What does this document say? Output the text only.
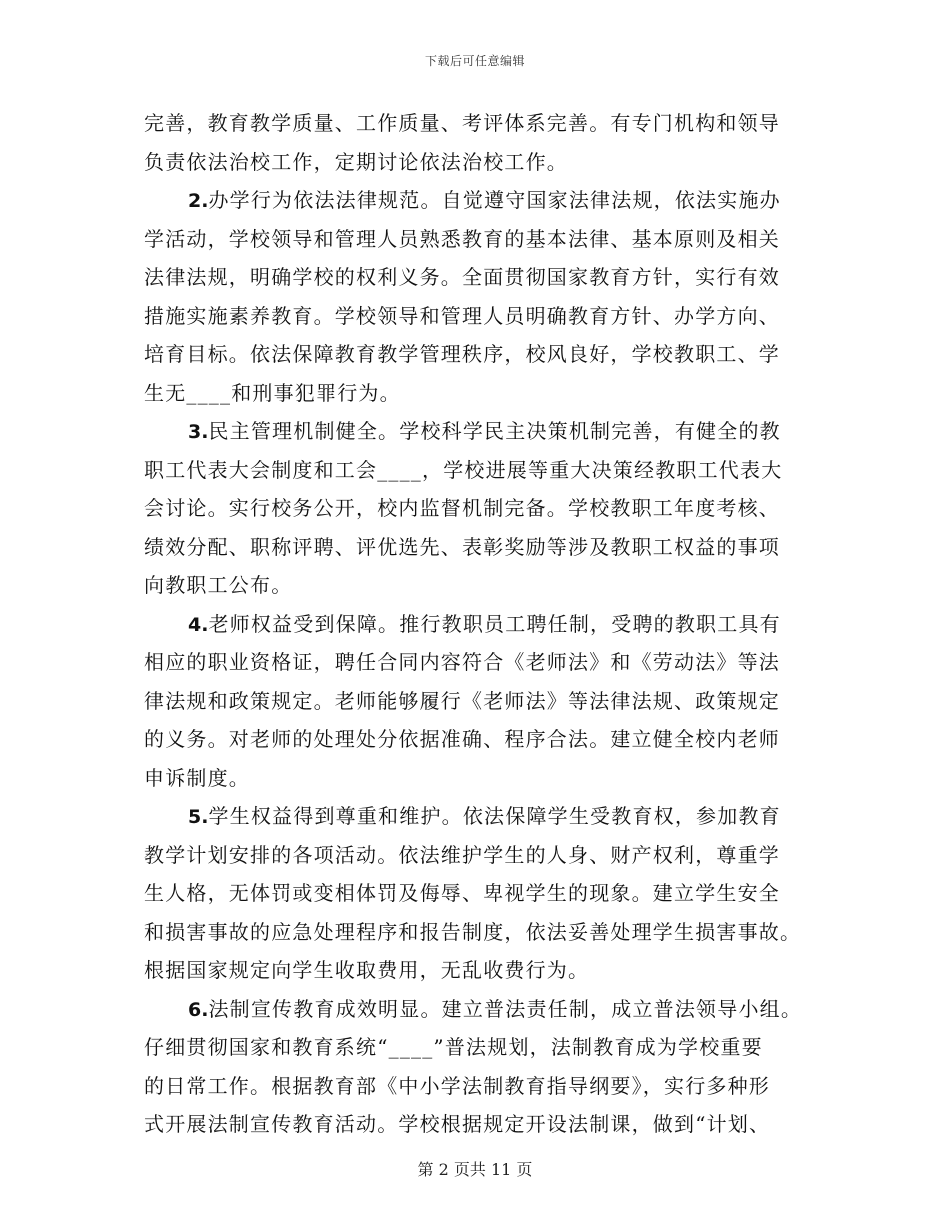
下载后可任意编辑
完善，教育教学质量、工作质量、考评体系完善。有专门机构和领导
负责依法治校工作，定期讨论依法治校工作。
2.办学行为依法法律规范。自觉遵守国家法律法规，依法实施办
学活动，学校领导和管理人员熟悉教育的基本法律、基本原则及相关
法律法规，明确学校的权利义务。全面贯彻国家教育方针，实行有效
措施实施素养教育。学校领导和管理人员明确教育方针、办学方向、
培育目标。依法保障教育教学管理秩序，校风良好，学校教职工、学
生无____和刑事犯罪行为。
3.民主管理机制健全。学校科学民主决策机制完善，有健全的教
职工代表大会制度和工会____，学校进展等重大决策经教职工代表大
会讨论。实行校务公开，校内监督机制完备。学校教职工年度考核、
绩效分配、职称评聘、评优选先、表彰奖励等涉及教职工权益的事项
向教职工公布。
4.老师权益受到保障。推行教职员工聘任制，受聘的教职工具有
相应的职业资格证，聘任合同内容符合《老师法》和《劳动法》等法
律法规和政策规定。老师能够履行《老师法》等法律法规、政策规定
的义务。对老师的处理处分依据准确、程序合法。建立健全校内老师
申诉制度。
5.学生权益得到尊重和维护。依法保障学生受教育权，参加教育
教学计划安排的各项活动。依法维护学生的人身、财产权利，尊重学
生人格，无体罚或变相体罚及侮辱、卑视学生的现象。建立学生安全
和损害事故的应急处理程序和报告制度，依法妥善处理学生损害事故。
根据国家规定向学生收取费用，无乱收费行为。
6.法制宣传教育成效明显。建立普法责任制，成立普法领导小组。
仔细贯彻国家和教育系统“____”普法规划，法制教育成为学校重要
的日常工作。根据教育部《中小学法制教育指导纲要》，实行多种形
式开展法制宣传教育活动。学校根据规定开设法制课，做到“计划、
第 2 页共 11 页
